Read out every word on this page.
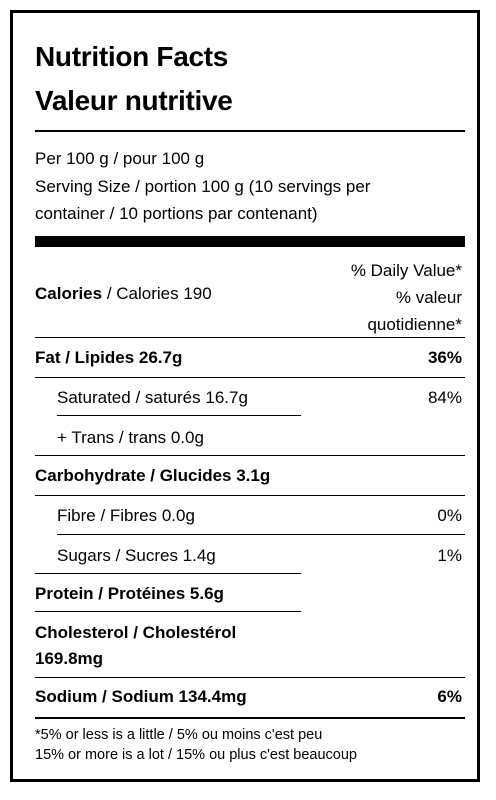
Nutrition Facts
Valeur nutritive
Per 100 g / pour 100 g
Serving Size / portion 100 g (10 servings per
container / 10 portions par contenant)
Calories / Calories 190
% Daily Value*
% valeur
quotidienne*
Fat / Lipides 26.7g	36%
Saturated / saturés 16.7g	84%
+ Trans / trans 0.0g
Carbohydrate / Glucides 3.1g
Fibre / Fibres 0.0g	0%
Sugars / Sucres 1.4g	1%
Protein / Protéines 5.6g
Cholesterol / Cholestérol
169.8mg
Sodium / Sodium 134.4mg	6%
*5% or less is a little / 5% ou moins c'est peu
15% or more is a lot / 15% ou plus c'est beaucoup
